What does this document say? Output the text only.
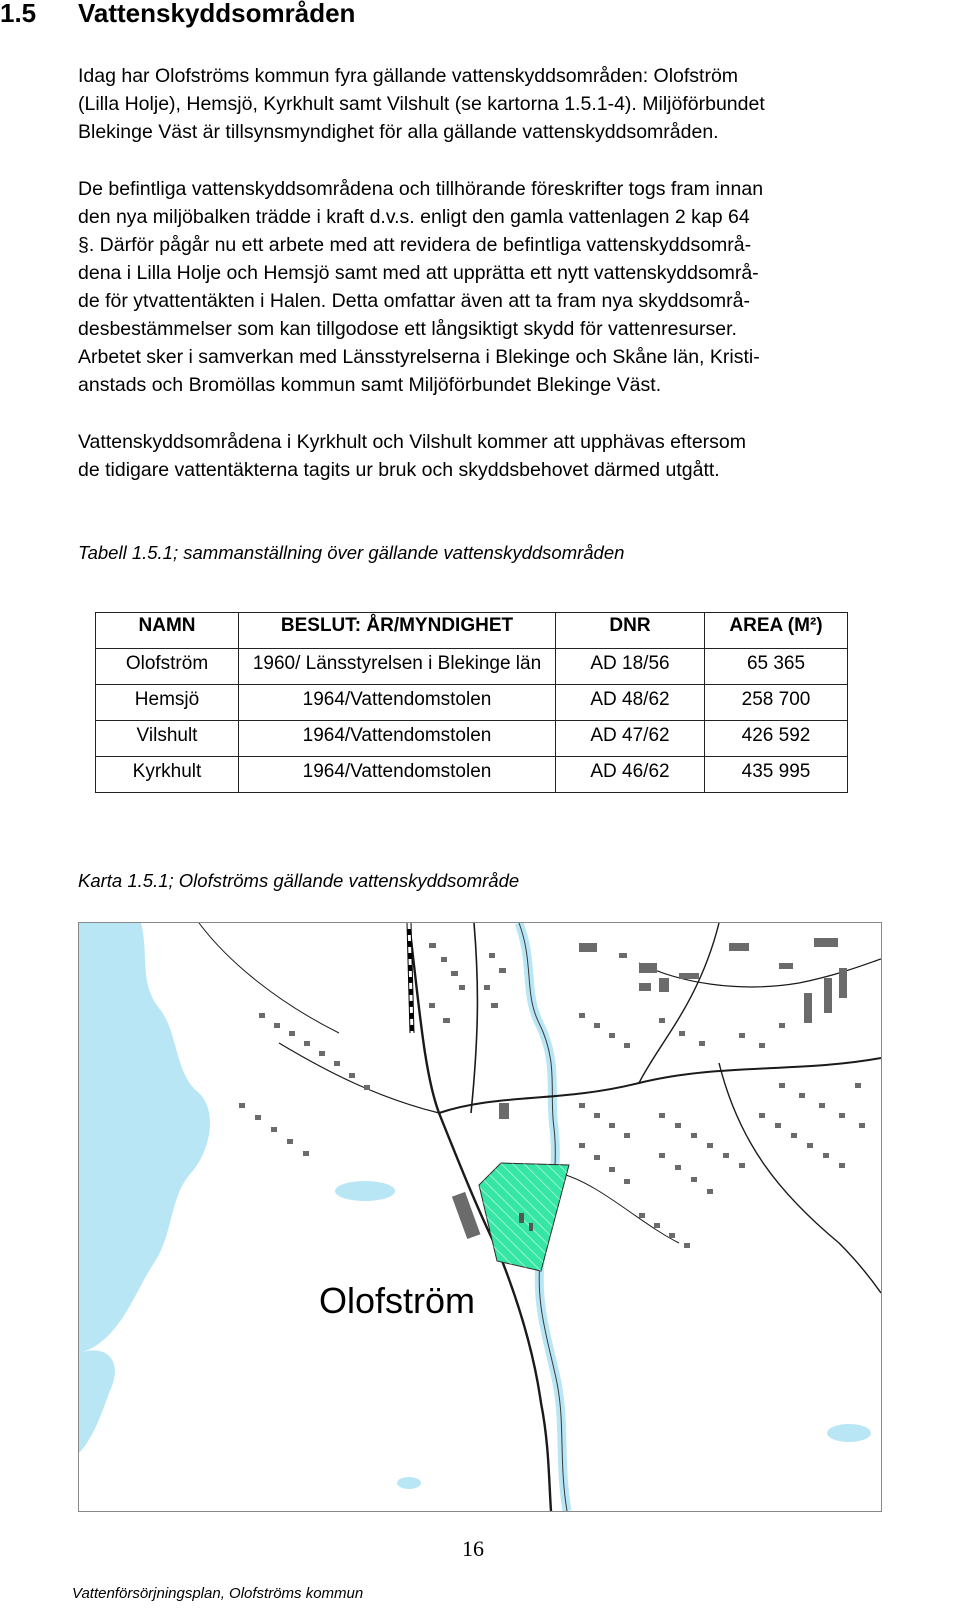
1.5 Vattenskyddsområden
Idag har Olofströms kommun fyra gällande vattenskyddsområden: Olofström
(Lilla Holje), Hemsjö, Kyrkhult samt Vilshult (se kartorna 1.5.1-4). Miljöförbundet
Blekinge Väst är tillsynsmyndighet för alla gällande vattenskyddsområden.
De befintliga vattenskyddsområdena och tillhörande föreskrifter togs fram innan
den nya miljöbalken trädde i kraft d.v.s. enligt den gamla vattenlagen 2 kap 64
§. Därför pågår nu ett arbete med att revidera de befintliga vattenskyddsområ-
dena i Lilla Holje och Hemsjö samt med att upprätta ett nytt vattenskyddsområ-
de för ytvattentäkten i Halen. Detta omfattar även att ta fram nya skyddsområ-
desbestämmelser som kan tillgodose ett långsiktigt skydd för vattenresurser.
Arbetet sker i samverkan med Länsstyrelserna i Blekinge och Skåne län, Kristi-
anstads och Bromöllas kommun samt Miljöförbundet Blekinge Väst.
Vattenskyddsområdena i Kyrkhult och Vilshult kommer att upphävas eftersom
de tidigare vattentäkterna tagits ur bruk och skyddsbehovet därmed utgått.
Tabell 1.5.1; sammanställning över gällande vattenskyddsområden
NAMN	BESLUT: ÅR/MYNDIGHET	DNR	AREA (M²)
Olofström	1960/ Länsstyrelsen i Blekinge län	AD 18/56	65 365
Hemsjö	1964/Vattendomstolen	AD 48/62	258 700
Vilshult	1964/Vattendomstolen	AD 47/62	426 592
Kyrkhult	1964/Vattendomstolen	AD 46/62	435 995
Karta 1.5.1; Olofströms gällande vattenskyddsområde
Olofström
16
Vattenförsörjningsplan, Olofströms kommun
